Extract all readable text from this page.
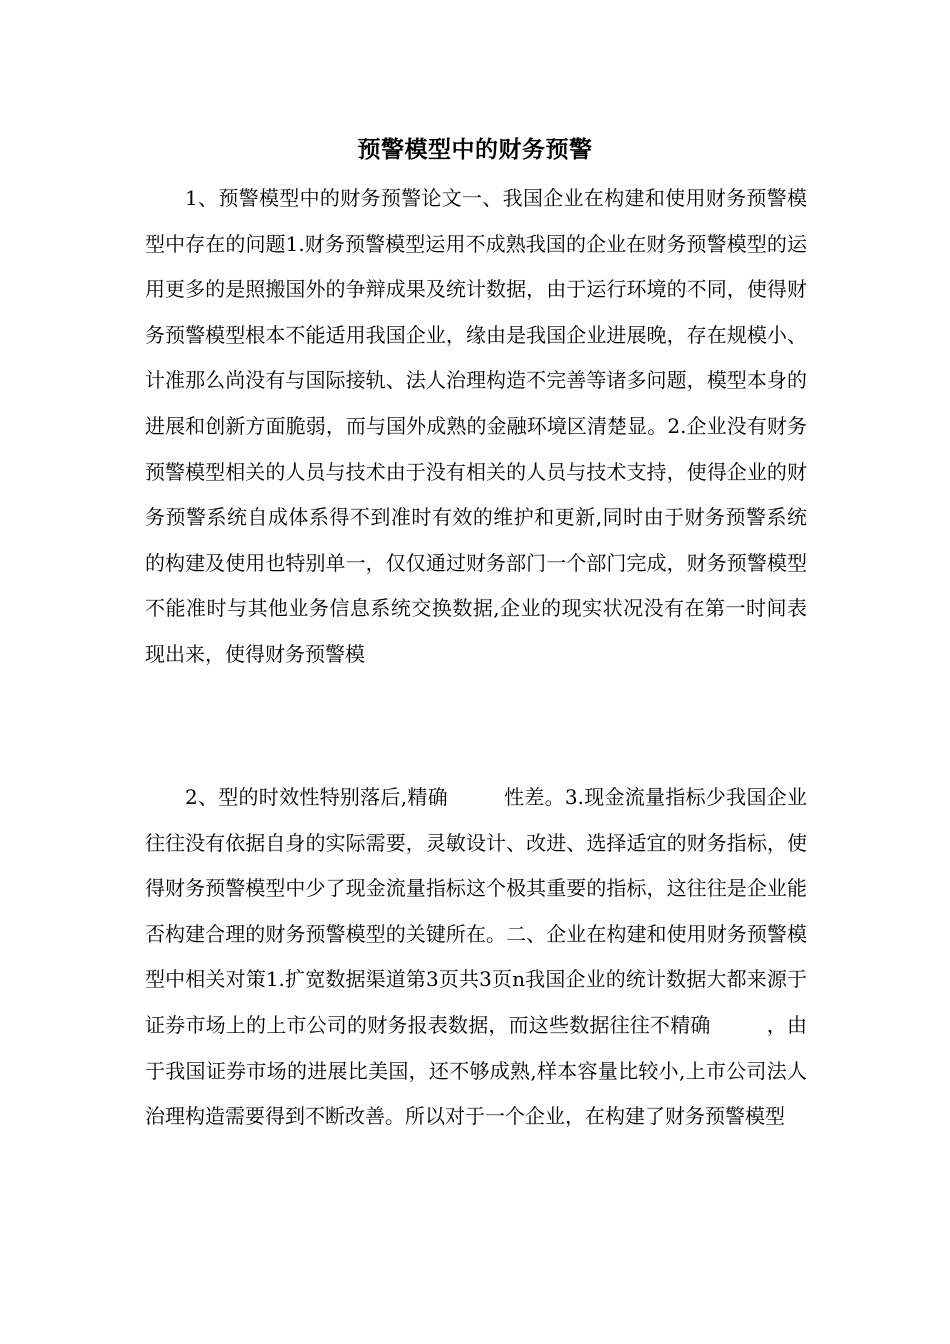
预警模型中的财务预警

1、预警模型中的财务预警论文一、我国企业在构建和使用财务预警模型中存在的问题1.财务预警模型运用不成熟我国的企业在财务预警模型的运用更多的是照搬国外的争辩成果及统计数据，由于运行环境的不同，使得财务预警模型根本不能适用我国企业，缘由是我国企业进展晚，存在规模小、计准那么尚没有与国际接轨、法人治理构造不完善等诸多问题，模型本身的进展和创新方面脆弱，而与国外成熟的金融环境区清楚显。2.企业没有财务预警模型相关的人员与技术由于没有相关的人员与技术支持，使得企业的财务预警系统自成体系得不到准时有效的维护和更新,同时由于财务预警系统的构建及使用也特别单一，仅仅通过财务部门一个部门完成，财务预警模型不能准时与其他业务信息系统交换数据,企业的现实状况没有在第一时间表现出来，使得财务预警模

2、型的时效性特别落后,精确	性差。3.现金流量指标少我国企业往往没有依据自身的实际需要，灵敏设计、改进、选择适宜的财务指标，使得财务预警模型中少了现金流量指标这个极其重要的指标，这往往是企业能否构建合理的财务预警模型的关键所在。二、企业在构建和使用财务预警模型中相关对策1.扩宽数据渠道第3页共3页n我国企业的统计数据大都来源于证券市场上的上市公司的财务报表数据，而这些数据往往不精确	，由于我国证券市场的进展比美国，还不够成熟,样本容量比较小,上市公司法人治理构造需要得到不断改善。所以对于一个企业，在构建了财务预警模型
